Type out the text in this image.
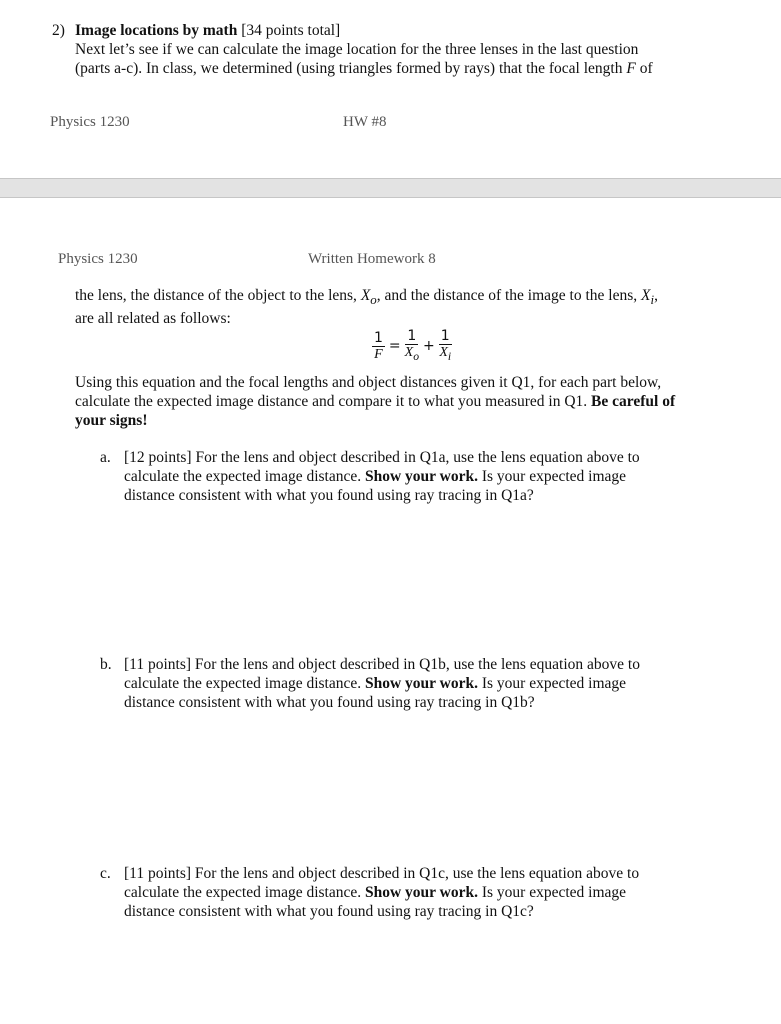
2) Image locations by math [34 points total]
Next let’s see if we can calculate the image location for the three lenses in the last question
(parts a-c). In class, we determined (using triangles formed by rays) that the focal length F of
Physics 1230	HW #8
Physics 1230	Written Homework 8
the lens, the distance of the object to the lens, $X_o$, and the distance of the image to the lens, $X_i$,
are all related as follows:
$\frac{1}{F} = \frac{1}{X_o} + \frac{1}{X_i}$
Using this equation and the focal lengths and object distances given it Q1, for each part below, calculate the expected image distance and compare it to what you measured in Q1. Be careful of your signs!
a. [12 points] For the lens and object described in Q1a, use the lens equation above to calculate the expected image distance. Show your work. Is your expected image distance consistent with what you found using ray tracing in Q1a?
b. [11 points] For the lens and object described in Q1b, use the lens equation above to calculate the expected image distance. Show your work. Is your expected image distance consistent with what you found using ray tracing in Q1b?
c. [11 points] For the lens and object described in Q1c, use the lens equation above to calculate the expected image distance. Show your work. Is your expected image distance consistent with what you found using ray tracing in Q1c?
